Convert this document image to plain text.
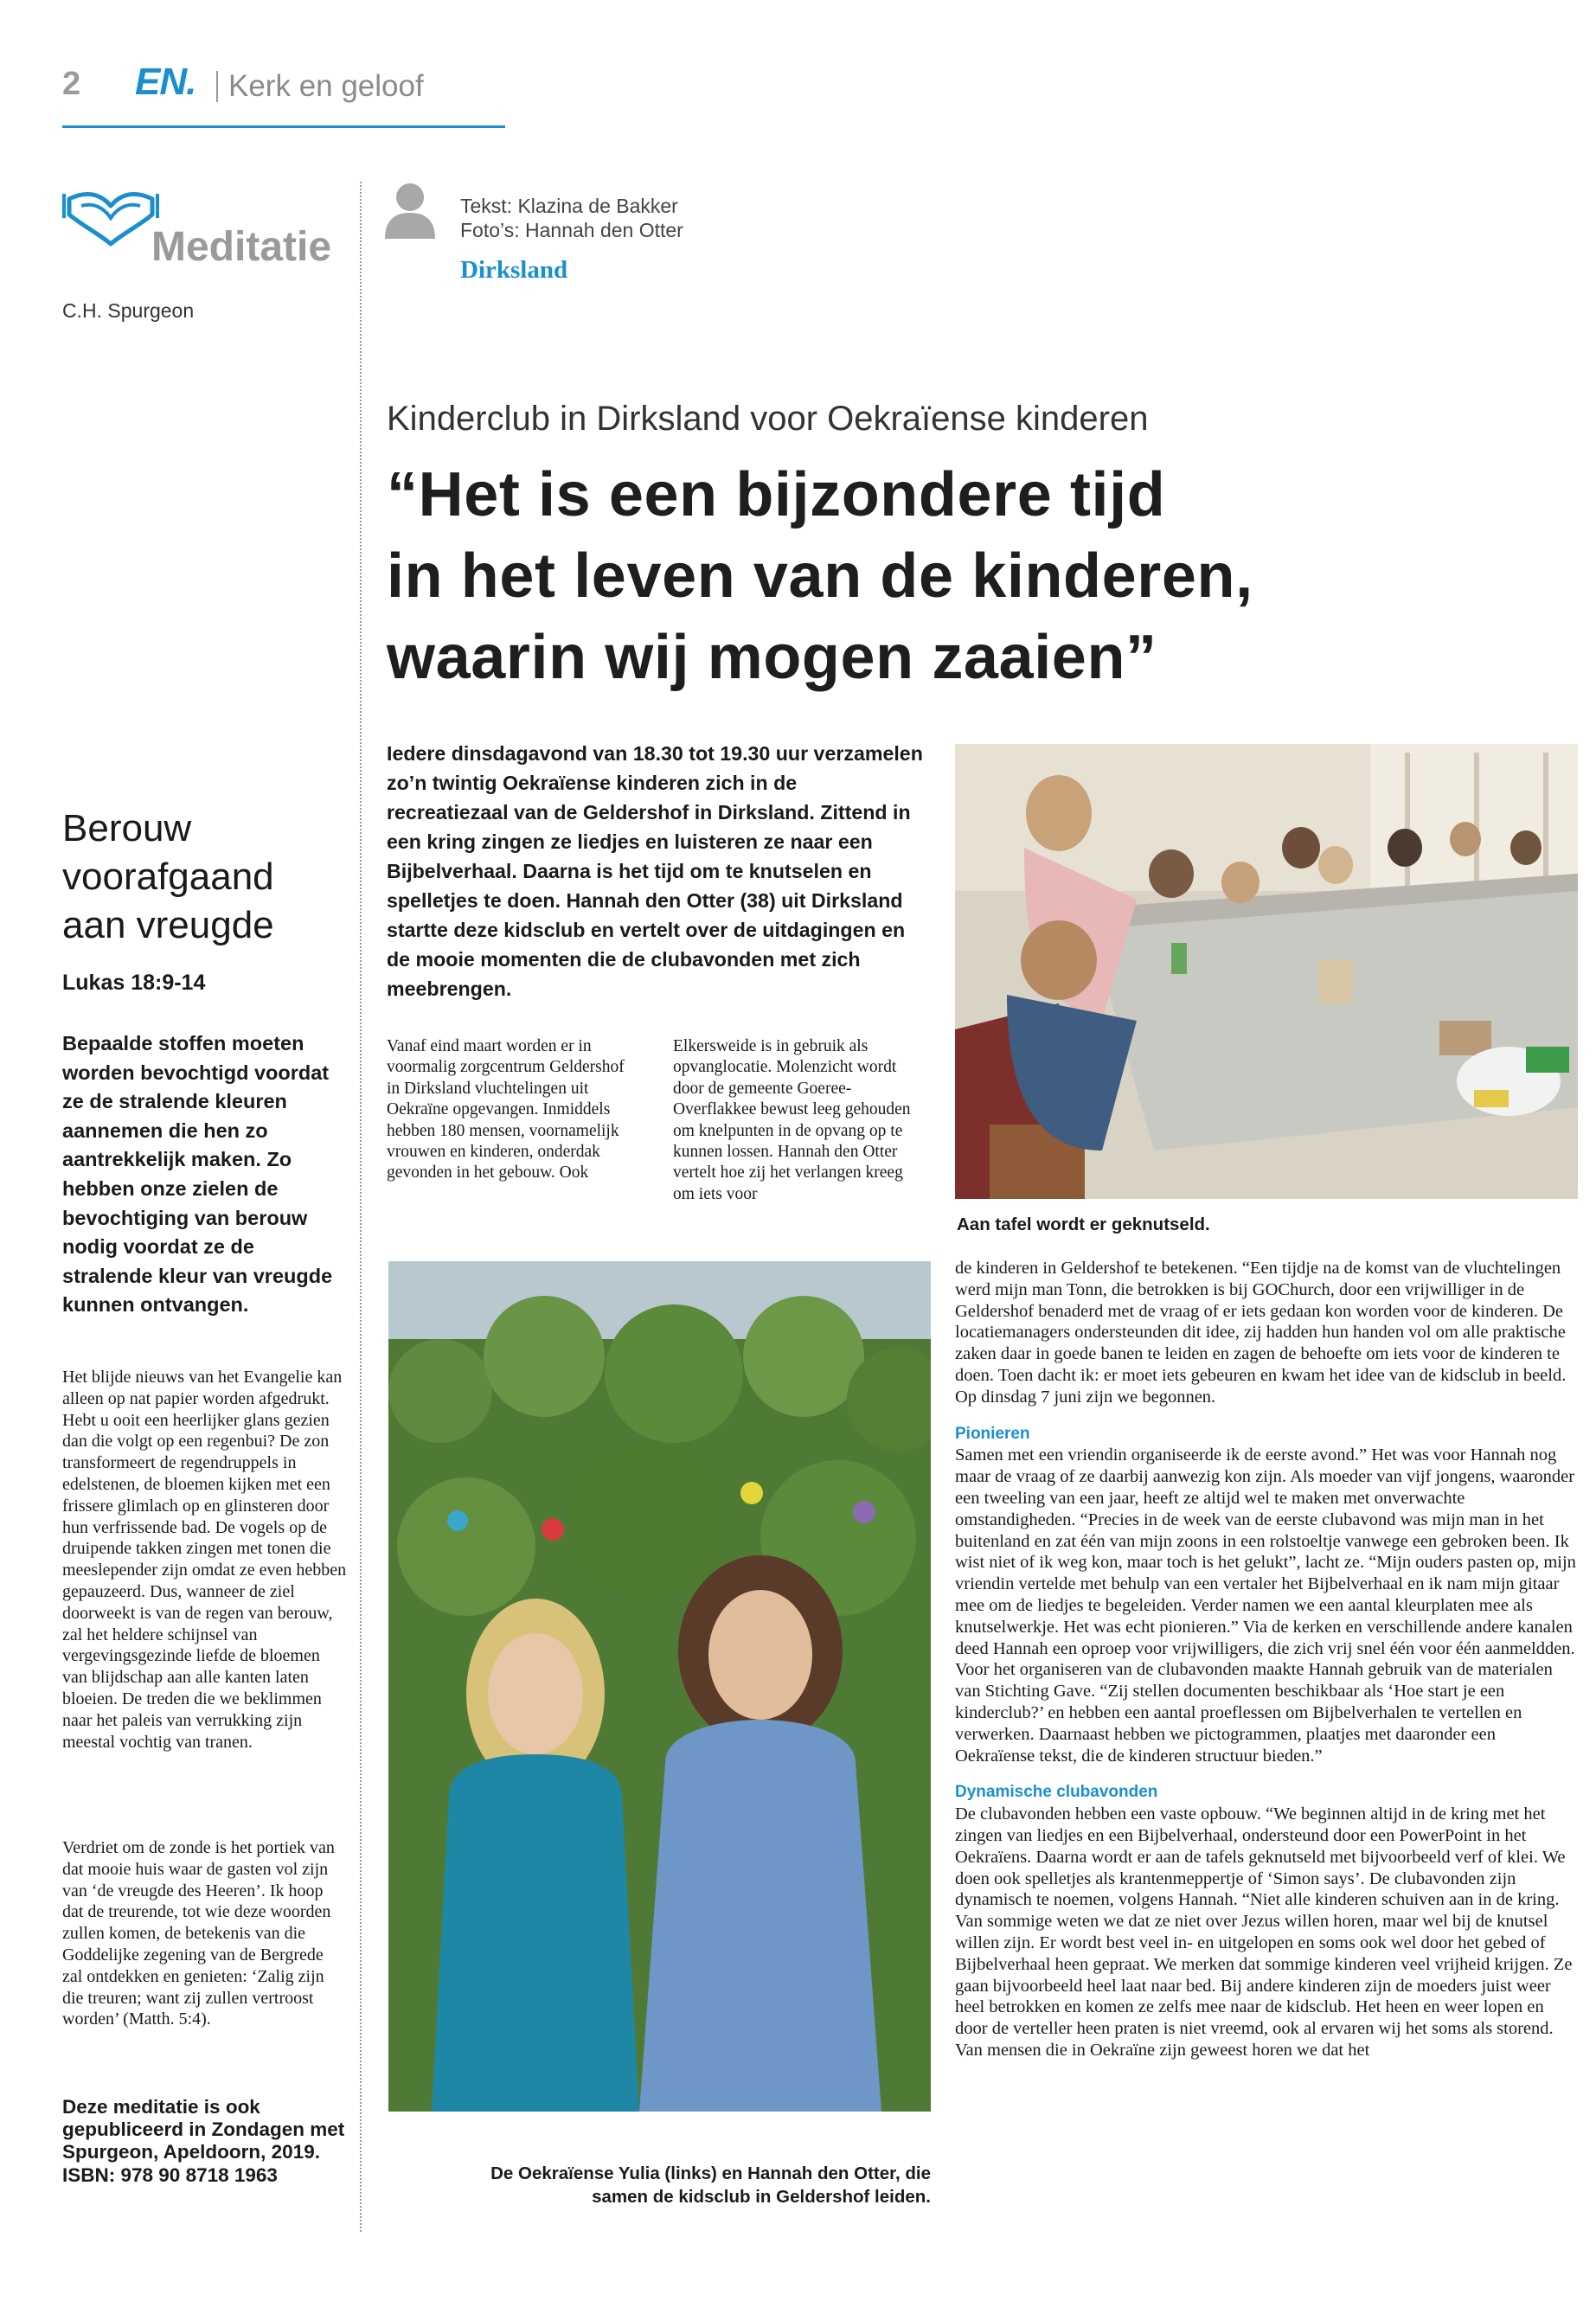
2 EN. Kerk en geloof
Meditatie
C.H. Spurgeon
Berouw voorafgaand aan vreugde
Lukas 18:9-14
Bepaalde stoffen moeten worden bevochtigd voordat ze de stralende kleuren aannemen die hen zo aantrekkelijk maken. Zo hebben onze zielen de bevochtiging van berouw nodig voordat ze de stralende kleur van vreugde kunnen ontvangen.
Het blijde nieuws van het Evangelie kan alleen op nat papier worden afgedrukt. Hebt u ooit een heerlijker glans gezien dan die volgt op een regenbui? De zon transformeert de regendruppels in edelstenen, de bloemen kijken met een frissere glimlach op en glinsteren door hun verfrissende bad. De vogels op de druipende takken zingen met tonen die meeslepender zijn omdat ze even hebben gepauzeerd. Dus, wanneer de ziel doorweekt is van de regen van berouw, zal het heldere schijnsel van vergevingsgezinde liefde de bloemen van blijdschap aan alle kanten laten bloeien. De treden die we beklimmen naar het paleis van verrukking zijn meestal vochtig van tranen.
Verdriet om de zonde is het portiek van dat mooie huis waar de gasten vol zijn van ‘de vreugde des Heeren’. Ik hoop dat de treurende, tot wie deze woorden zullen komen, de betekenis van die Goddelijke zegening van de Bergrede zal ontdekken en genieten: ‘Zalig zijn die treuren; want zij zullen vertroost worden’ (Matth. 5:4).
Deze meditatie is ook gepubliceerd in Zondagen met Spurgeon, Apeldoorn, 2019. ISBN: 978 90 8718 1963
Tekst: Klazina de Bakker
Foto’s: Hannah den Otter
Dirksland
Kinderclub in Dirksland voor Oekraïense kinderen
“Het is een bijzondere tijd
in het leven van de kinderen,
waarin wij mogen zaaien”
Iedere dinsdagavond van 18.30 tot 19.30 uur verzamelen zo’n twintig Oekraïense kinderen zich in de recreatiezaal van de Geldershof in Dirksland. Zittend in een kring zingen ze liedjes en luisteren ze naar een Bijbelverhaal. Daarna is het tijd om te knutselen en spelletjes te doen. Hannah den Otter (38) uit Dirksland startte deze kidsclub en vertelt over de uitdagingen en de mooie momenten die de clubavonden met zich meebrengen.
Vanaf eind maart worden er in voormalig zorgcentrum Geldershof in Dirksland vluchtelingen uit Oekraïne opgevangen. Inmiddels hebben 180 mensen, voornamelijk vrouwen en kinderen, onderdak gevonden in het gebouw. Ook
Elkersweide is in gebruik als opvanglocatie. Molenzicht wordt door de gemeente Goeree-Overflakkee bewust leeg gehouden om knelpunten in de opvang op te kunnen lossen. Hannah den Otter vertelt hoe zij het verlangen kreeg om iets voor
Aan tafel wordt er geknutseld.
De Oekraïense Yulia (links) en Hannah den Otter, die
samen de kidsclub in Geldershof leiden.

de kinderen in Geldershof te betekenen. “Een tijdje na de komst van de vluchtelingen werd mijn man Tonn, die betrokken is bij GOChurch, door een vrijwilliger in de Geldershof benaderd met de vraag of er iets gedaan kon worden voor de kinderen. De locatiemanagers ondersteunden dit idee, zij hadden hun handen vol om alle praktische zaken daar in goede banen te leiden en zagen de behoefte om iets voor de kinderen te doen. Toen dacht ik: er moet iets gebeuren en kwam het idee van de kidsclub in beeld. Op dinsdag 7 juni zijn we begonnen.

Pionieren

Samen met een vriendin organiseerde ik de eerste avond.” Het was voor Hannah nog maar de vraag of ze daarbij aanwezig kon zijn. Als moeder van vijf jongens, waaronder een tweeling van een jaar, heeft ze altijd wel te maken met onverwachte omstandigheden. “Precies in de week van de eerste clubavond was mijn man in het buitenland en zat één van mijn zoons in een rolstoeltje vanwege een gebroken been. Ik wist niet of ik weg kon, maar toch is het gelukt”, lacht ze. “Mijn ouders pasten op, mijn vriendin vertelde met behulp van een vertaler het Bijbelverhaal en ik nam mijn gitaar mee om de liedjes te begeleiden. Verder namen we een aantal kleurplaten mee als knutselwerkje. Het was echt pionieren.” Via de kerken en verschillende andere kanalen deed Hannah een oproep voor vrijwilligers, die zich vrij snel één voor één aanmeldden. Voor het organiseren van de clubavonden maakte Hannah gebruik van de materialen van Stichting Gave. “Zij stellen documenten beschikbaar als ‘Hoe start je een kinderclub?’ en hebben een aantal proeflessen om Bijbelverhalen te vertellen en verwerken. Daarnaast hebben we pictogrammen, plaatjes met daaronder een Oekraïense tekst, die de kinderen structuur bieden.”

Dynamische clubavonden

De clubavonden hebben een vaste opbouw. “We beginnen altijd in de kring met het zingen van liedjes en een Bijbelverhaal, ondersteund door een PowerPoint in het Oekraïens. Daarna wordt er aan de tafels geknutseld met bijvoorbeeld verf of klei. We doen ook spelletjes als krantenmeppertje of ‘Simon says’. De clubavonden zijn dynamisch te noemen, volgens Hannah. “Niet alle kinderen schuiven aan in de kring. Van sommige weten we dat ze niet over Jezus willen horen, maar wel bij de knutsel willen zijn. Er wordt best veel in- en uitgelopen en soms ook wel door het gebed of Bijbelverhaal heen gepraat. We merken dat sommige kinderen veel vrijheid krijgen. Ze gaan bijvoorbeeld heel laat naar bed. Bij andere kinderen zijn de moeders juist weer heel betrokken en komen ze zelfs mee naar de kidsclub. Het heen en weer lopen en door de verteller heen praten is niet vreemd, ook al ervaren wij het soms als storend. Van mensen die in Oekraïne zijn geweest horen we dat het
